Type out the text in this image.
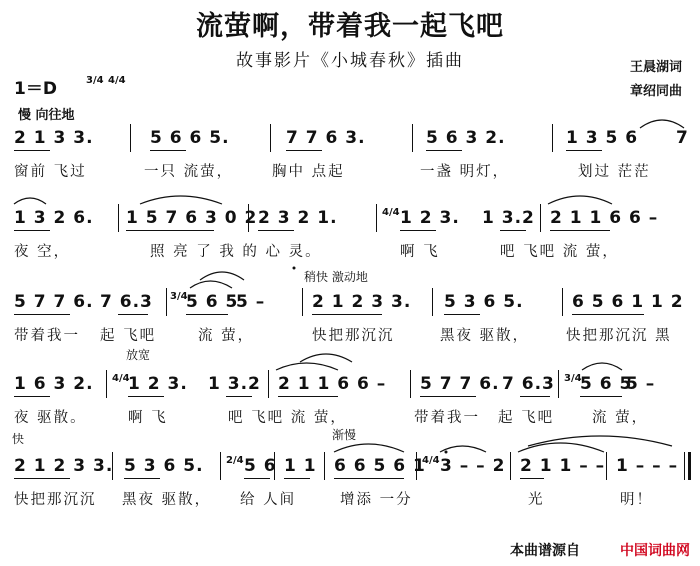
流萤啊，带着我一起飞吧
故事影片《小城春秋》插曲	王晨湖词
章绍同曲
1＝D	3/4 4/4
慢 向往地
稍快 激动地
放宽
快	渐慢
2 1 3 3.	5 6 6 5.	7 7 6 3.	5 6 3 2.	1 3 5 6 7
窗前 飞过	一只 流萤，	胸中 点起	一盏 明灯，	划过 茫茫
1 3 2 6. 1 5 7 6 3 0 2 2 3 2 1.	4/4 1 2 3. 1 3.2 2 1 1 6 6 –
夜 空，	照 亮 了 我 的 心 灵。	啊 飞	吧 飞吧 流 萤，
5 7 7 6. 7 6.3 3/4
5 6 5
5 –	2 1 2 3 3. 5 3 6 5.	6 5 6 1 1 2
带着我一 起 飞吧	流 萤，	快把那沉沉	黑夜 驱散，	快把那沉沉 黑
1 6 3 2. 4/4
1 2 3. 1 3.2 2 1 1 6 6 – 5 7 7 6. 7 6.3 3/4
5 6 5
5 –
夜 驱散。	啊 飞	吧 飞吧 流 萤，	带着我一 起 飞吧	流 萤，
2 1 2 3 3. 5 3 6 5. 2/4 5 6 1 1 6 6 5 6 1
4/4 3 – – 2 2 1 1 – – 1 – – –
快把那沉沉 黑夜 驱散， 给 人间	增添 一分	光	明！
本曲谱源自	中国词曲网
